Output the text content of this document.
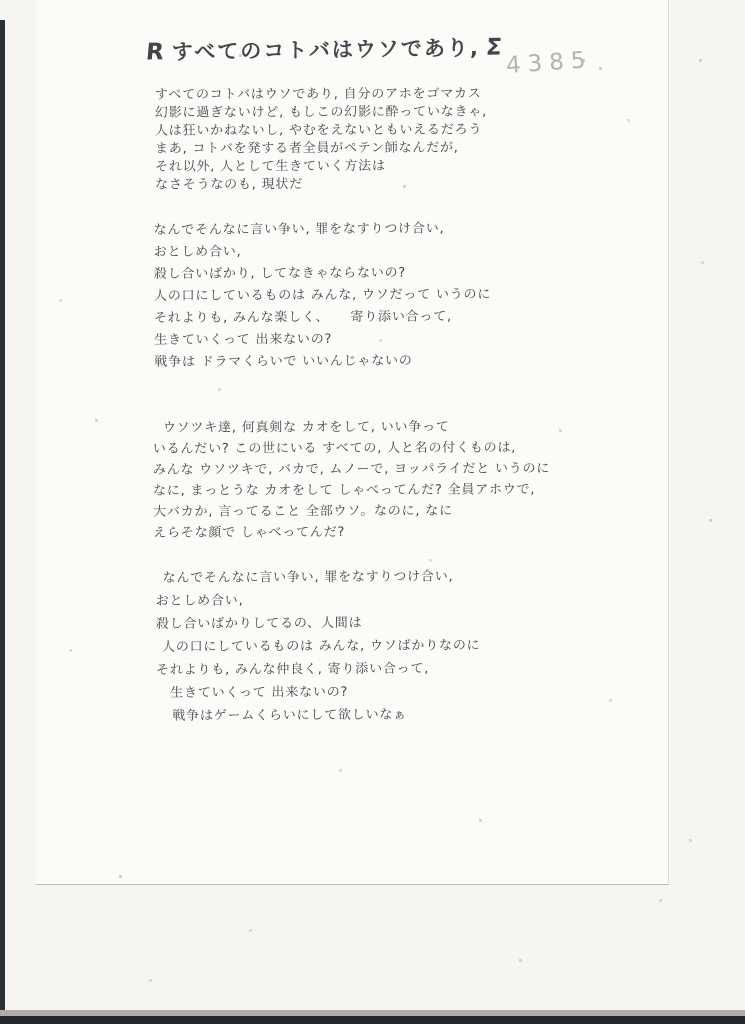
R すべてのコトバはウソであり, Σ 4385
すべてのコトバはウソであり, 自分のアホをゴマカス
幻影に過ぎないけど, もしこの幻影に酔っていなきゃ,
人は狂いかねないし, やむをえないともいえるだろう
まあ, コトバを発する者全員がペテン師なんだが,
それ以外, 人として生きていく方法は
なさそうなのも, 現状だ
なんでそんなに言い争い, 罪をなすりつけ合い,
おとしめ合い,
殺し合いばかり, してなきゃならないの?
人の口にしているものは みんな, ウソだって いうのに
それよりも, みんな楽しく、　　寄り添い合って,
生きていくって 出来ないの?
戦争は ドラマくらいで いいんじゃないの
ウソツキ達, 何真剣な カオをして, いい争って
いるんだい? この世にいる すべての, 人と名の付くものは,
みんな ウソツキで, バカで, ムノーで, ヨッパライだと いうのに
なに, まっとうな カオをして しゃべってんだ? 全員アホウで,
大バカか, 言ってること 全部ウソ。なのに, なに
えらそな顔で しゃべってんだ?
なんでそんなに言い争い, 罪をなすりつけ合い,
おとしめ合い,
殺し合いばかりしてるの、人間は
人の口にしているものは みんな, ウソばかりなのに
それよりも, みんな仲良く, 寄り添い合って,
生きていくって 出来ないの?
戦争はゲームくらいにして欲しいなぁ
